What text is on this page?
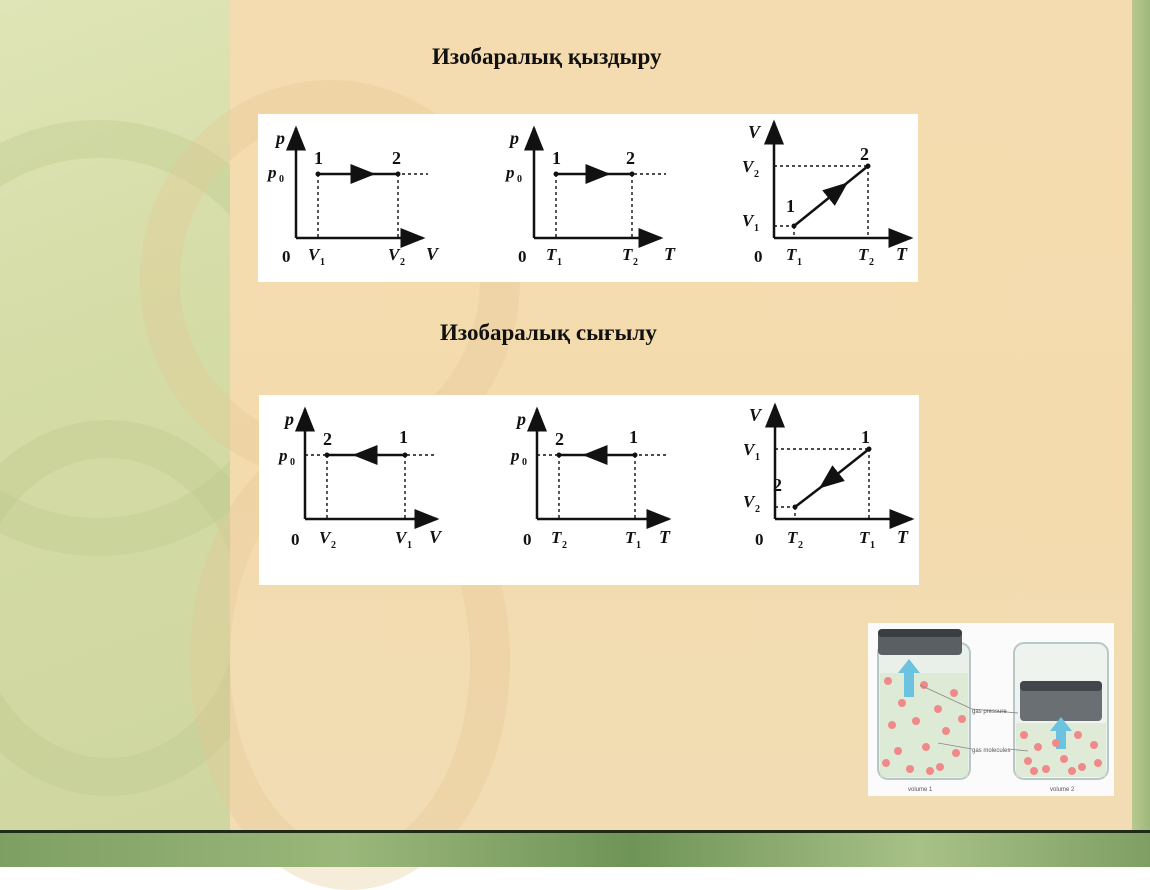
Изобаралық қыздыру
Изобаралық сығылу
p
V
0
p 0
V 1	V 2
1	2
p
T
0
p 0
T 1	T 2
1	2
V
T
0
V 1
V 2
T 1	T 2
1
2
p
V
0
p 0
V 2	V 1
2	1
p
T
0
p 0
T 2	T 1
2	1
V
T
0
V 2
V 1
T 2	T 1
2
1
gas pressure
gas molecules
volume 1	volume 2
